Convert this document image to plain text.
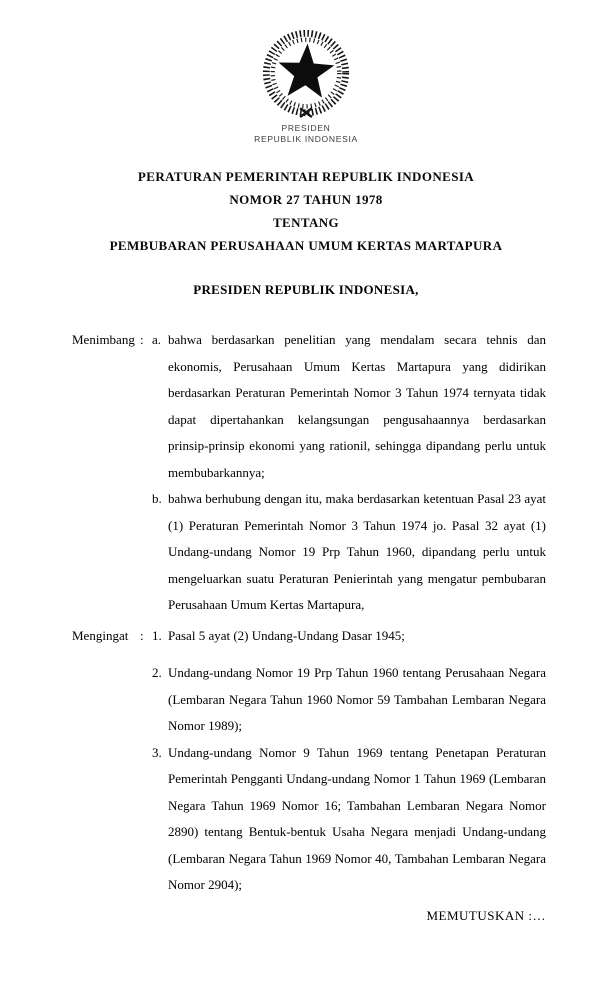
PRESIDEN
REPUBLIK INDONESIA
PERATURAN PEMERINTAH REPUBLIK INDONESIA
NOMOR 27 TAHUN 1978
TENTANG
PEMBUBARAN PERUSAHAAN UMUM KERTAS MARTAPURA
PRESIDEN REPUBLIK INDONESIA,
Menimbang : a. bahwa berdasarkan penelitian yang mendalam secara tehnis dan ekonomis, Perusahaan Umum Kertas Martapura yang didirikan berdasarkan Peraturan Pemerintah Nomor 3 Tahun 1974 ternyata tidak dapat dipertahankan kelangsungan pengusahaannya berdasarkan prinsip-prinsip ekonomi yang rationil, sehingga dipandang perlu untuk membubarkannya;
b. bahwa berhubung dengan itu, maka berdasarkan ketentuan Pasal 23 ayat (1) Peraturan Pemerintah Nomor 3 Tahun 1974 jo. Pasal 32 ayat (1) Undang-undang Nomor 19 Prp Tahun 1960, dipandang perlu untuk mengeluarkan suatu Peraturan Penierintah yang mengatur pembubaran Perusahaan Umum Kertas Martapura,
Mengingat : 1. Pasal 5 ayat (2) Undang-Undang Dasar 1945;
2. Undang-undang Nomor 19 Prp Tahun 1960 tentang Perusahaan Negara (Lembaran Negara Tahun 1960 Nomor 59 Tambahan Lembaran Negara Nomor 1989);
3. Undang-undang Nomor 9 Tahun 1969 tentang Penetapan Peraturan Pemerintah Pengganti Undang-undang Nomor 1 Tahun 1969 (Lembaran Negara Tahun 1969 Nomor 16; Tambahan Lembaran Negara Nomor 2890) tentang Bentuk-bentuk Usaha Negara menjadi Undang-undang (Lembaran Negara Tahun 1969 Nomor 40, Tambahan Lembaran Negara Nomor 2904);
MEMUTUSKAN :…
